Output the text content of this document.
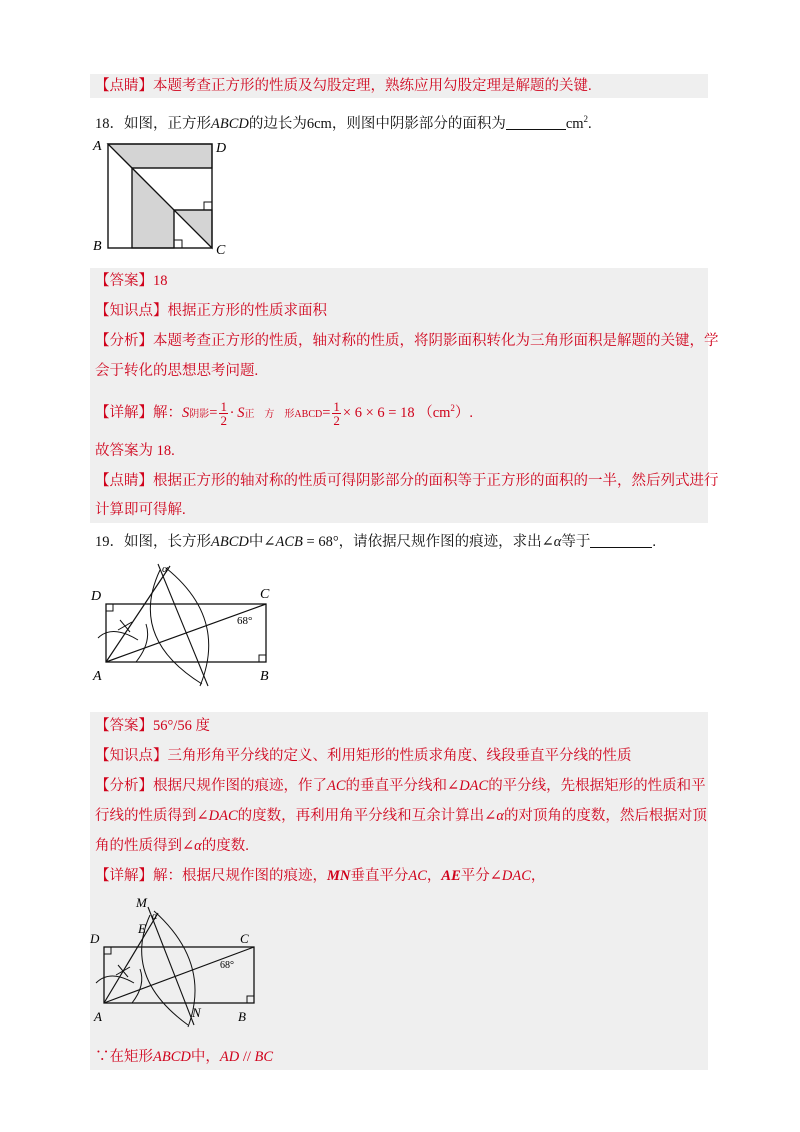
【点睛】本题考查正方形的性质及勾股定理，熟练应用勾股定理是解题的关键.
18．如图，正方形ABCD的边长为6cm，则图中阴影部分的面积为	$cm^2$.
A	D
B	C
【答案】18
【知识点】根据正方形的性质求面积
【分析】本题考查正方形的性质，轴对称的性质，将阴影面积转化为三角形面积是解题的关键，学
会于转化的思想思考问题.
【详解】解：S阴影= $\frac{1}{2} \cdot S$正　方　形ABCD= $\frac{1}{2} \times 6 \times 6 = 18$ $(cm^2)$.
故答案为 18.
【点睛】根据正方形的轴对称的性质可得阴影部分的面积等于正方形的面积的一半，然后列式进行
计算即可得解.
19．如图，长方形ABCD中∠ACB = 68°，请依据尺规作图的痕迹，求出∠α等于	.
α
D	C
68°
A	B
【答案】56°/56 度
【知识点】三角形角平分线的定义、利用矩形的性质求角度、线段垂直平分线的性质
【分析】根据尺规作图的痕迹，作了AC的垂直平分线和∠DAC的平分线，先根据矩形的性质和平
行线的性质得到∠DAC的度数，再利用角平分线和互余计算出∠α的对顶角的度数，然后根据对顶
角的性质得到∠α的度数.
【详解】解：根据尺规作图的痕迹，MN垂直平分AC，AE平分∠DAC，
M
α
E
D	C
68°
A	N	B
∵在矩形ABCD中，AD // BC
